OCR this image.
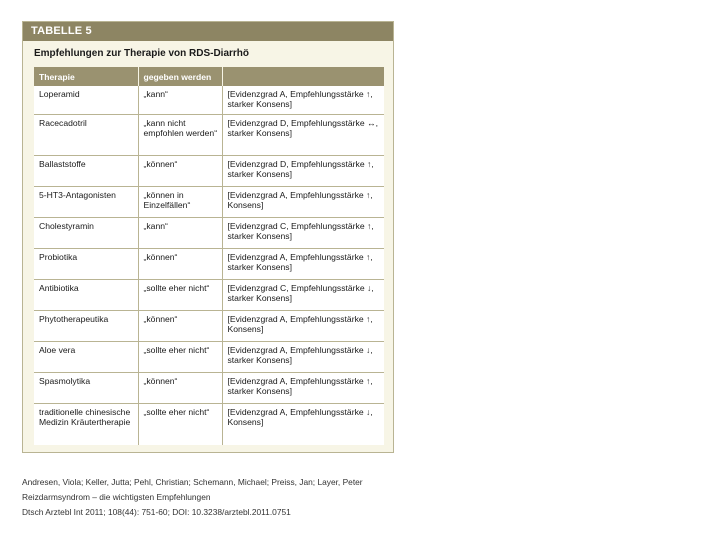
TABELLE 5
Empfehlungen zur Therapie von RDS-Diarrhö
Therapie	gegeben werden	
Loperamid	„kann“	[Evidenzgrad A, Empfehlungsstärke ↑, starker Konsens]
Racecadotril	„kann nicht empfohlen werden“	[Evidenzgrad D, Empfehlungsstärke ↔, starker Konsens]
Ballaststoffe	„können“	[Evidenzgrad D, Empfehlungsstärke ↑, starker Konsens]
5-HT3-Antagonisten	„können in Einzelfällen“	[Evidenzgrad A, Empfehlungsstärke ↑, Konsens]
Cholestyramin	„kann“	[Evidenzgrad C, Empfehlungsstärke ↑, starker Konsens]
Probiotika	„können“	[Evidenzgrad A, Empfehlungsstärke ↑, starker Konsens]
Antibiotika	„sollte eher nicht“	[Evidenzgrad C, Empfehlungsstärke ↓, starker Konsens]
Phytotherapeutika	„können“	[Evidenzgrad A, Empfehlungsstärke ↑, Konsens]
Aloe vera	„sollte eher nicht“	[Evidenzgrad A, Empfehlungsstärke ↓, starker Konsens]
Spasmolytika	„können“	[Evidenzgrad A, Empfehlungsstärke ↑, starker Konsens]
traditionelle chinesische Medizin Kräutertherapie	„sollte eher nicht“	[Evidenzgrad A, Empfehlungsstärke ↓, Konsens]
Andresen, Viola; Keller, Jutta; Pehl, Christian; Schemann, Michael; Preiss, Jan; Layer, Peter
Reizdarmsyndrom – die wichtigsten Empfehlungen
Dtsch Arztebl Int 2011; 108(44): 751-60; DOI: 10.3238/arztebl.2011.0751
